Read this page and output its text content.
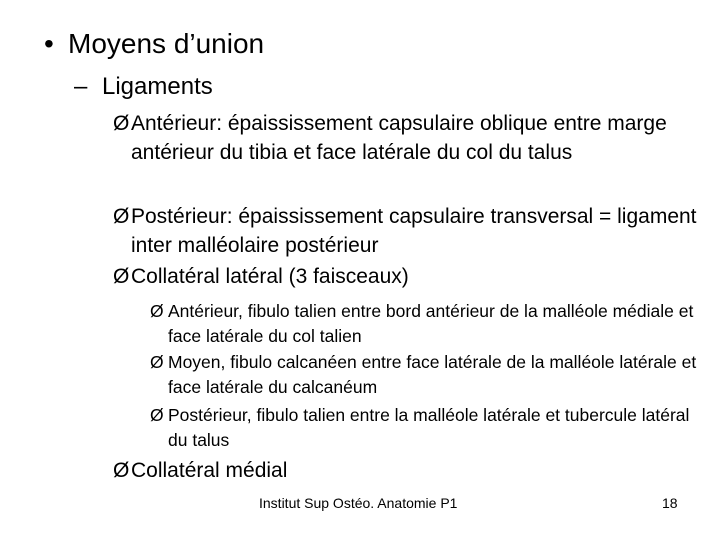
• Moyens d’union
– Ligaments
Ø Antérieur: épaississement capsulaire oblique entre marge antérieur du tibia et face latérale du col du talus
Ø Postérieur: épaississement capsulaire transversal = ligament inter malléolaire postérieur
Ø Collatéral latéral (3 faisceaux)
Ø Antérieur, fibulo talien entre bord antérieur de la malléole médiale et face latérale du col talien
Ø Moyen, fibulo calcanéen entre face latérale de la malléole latérale et face latérale du calcanéum
Ø Postérieur, fibulo talien entre la malléole latérale et tubercule latéral du talus
Ø Collatéral médial
Institut Sup Ostéo. Anatomie P1	18
